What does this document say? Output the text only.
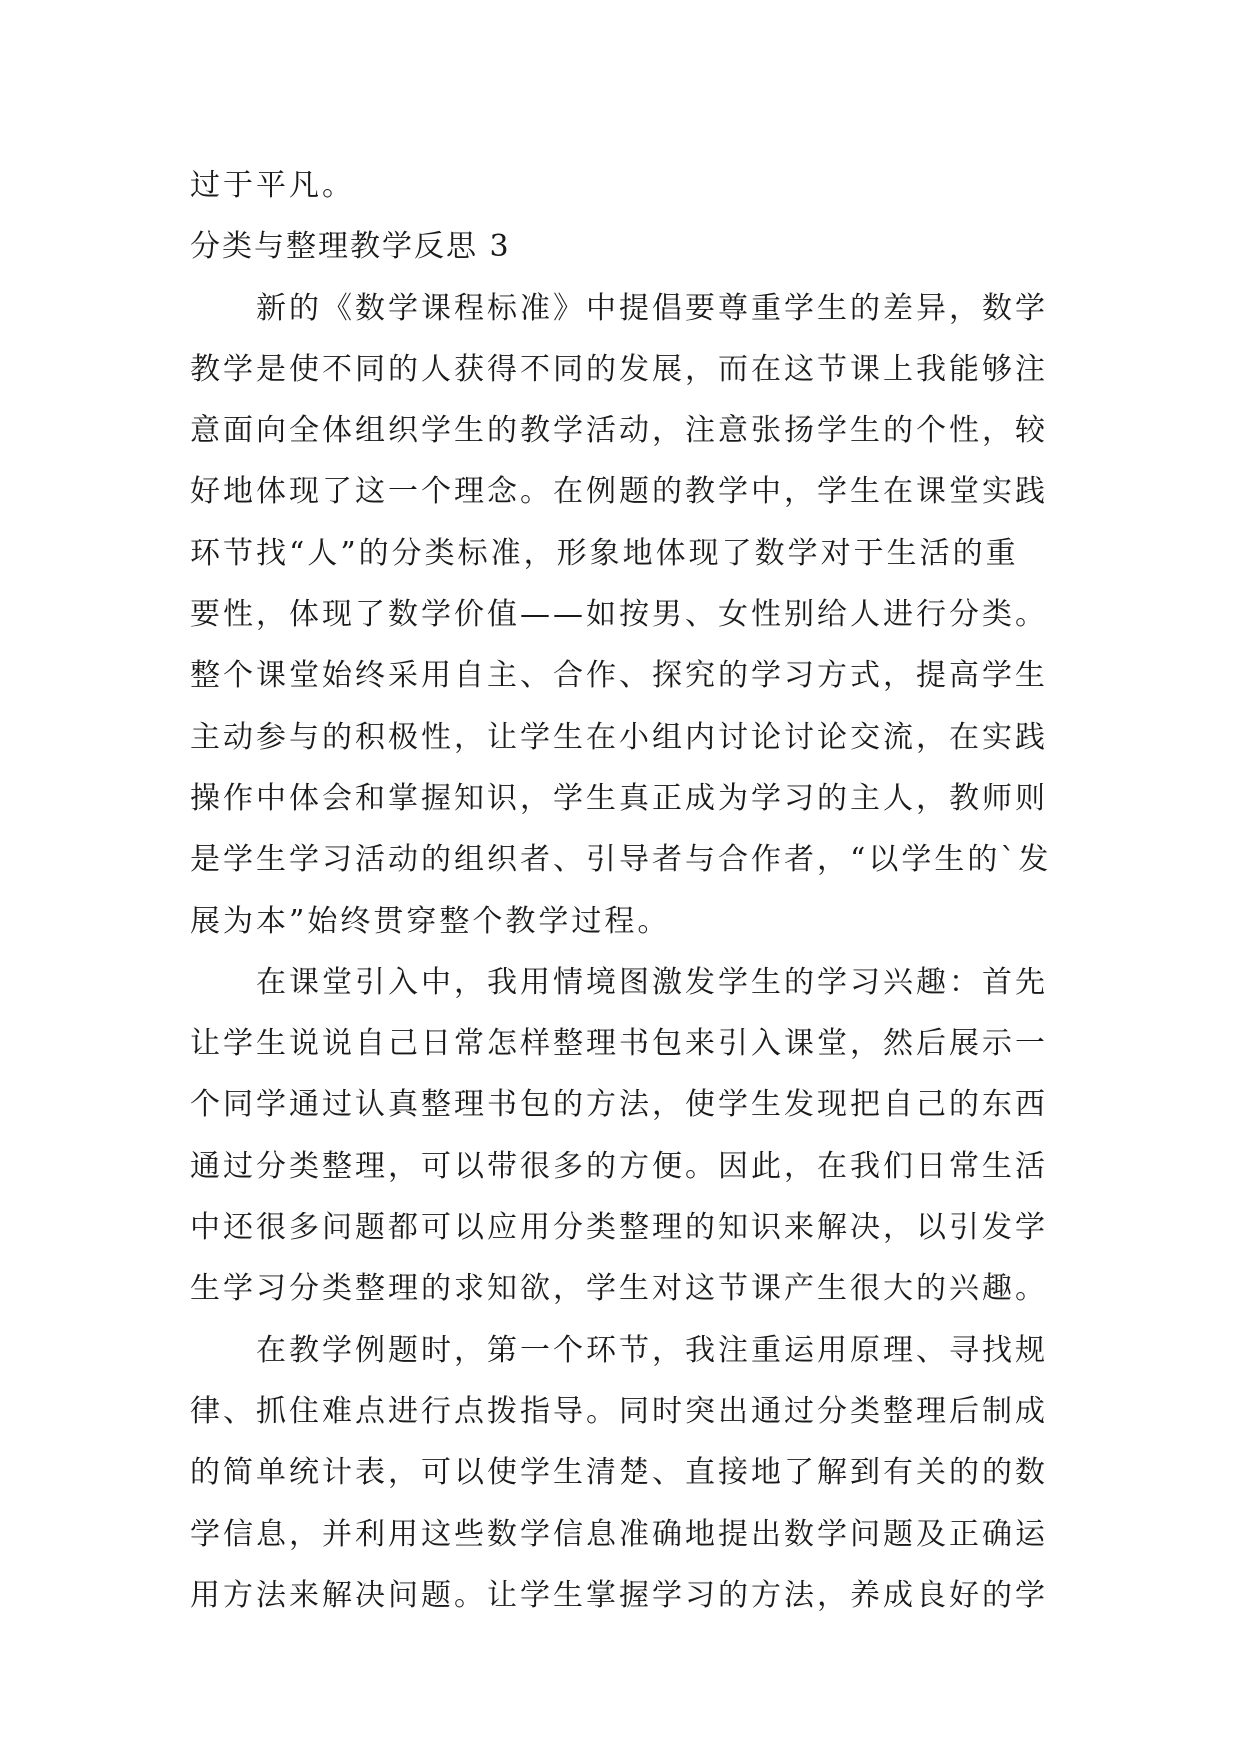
过于平凡。
分类与整理教学反思 3
新的《数学课程标准》中提倡要尊重学生的差异，数学
教学是使不同的人获得不同的发展，而在这节课上我能够注
意面向全体组织学生的教学活动，注意张扬学生的个性，较
好地体现了这一个理念。在例题的教学中，学生在课堂实践
环节找“人”的分类标准，形象地体现了数学对于生活的重
要性，体现了数学价值——如按男、女性别给人进行分类。
整个课堂始终采用自主、合作、探究的学习方式，提高学生
主动参与的积极性，让学生在小组内讨论讨论交流，在实践
操作中体会和掌握知识，学生真正成为学习的主人，教师则
是学生学习活动的组织者、引导者与合作者，“以学生的`发
展为本”始终贯穿整个教学过程。
在课堂引入中，我用情境图激发学生的学习兴趣：首先
让学生说说自己日常怎样整理书包来引入课堂，然后展示一
个同学通过认真整理书包的方法，使学生发现把自己的东西
通过分类整理，可以带很多的方便。因此，在我们日常生活
中还很多问题都可以应用分类整理的知识来解决，以引发学
生学习分类整理的求知欲，学生对这节课产生很大的兴趣。
在教学例题时，第一个环节，我注重运用原理、寻找规
律、抓住难点进行点拨指导。同时突出通过分类整理后制成
的简单统计表，可以使学生清楚、直接地了解到有关的的数
学信息，并利用这些数学信息准确地提出数学问题及正确运
用方法来解决问题。让学生掌握学习的方法，养成良好的学
